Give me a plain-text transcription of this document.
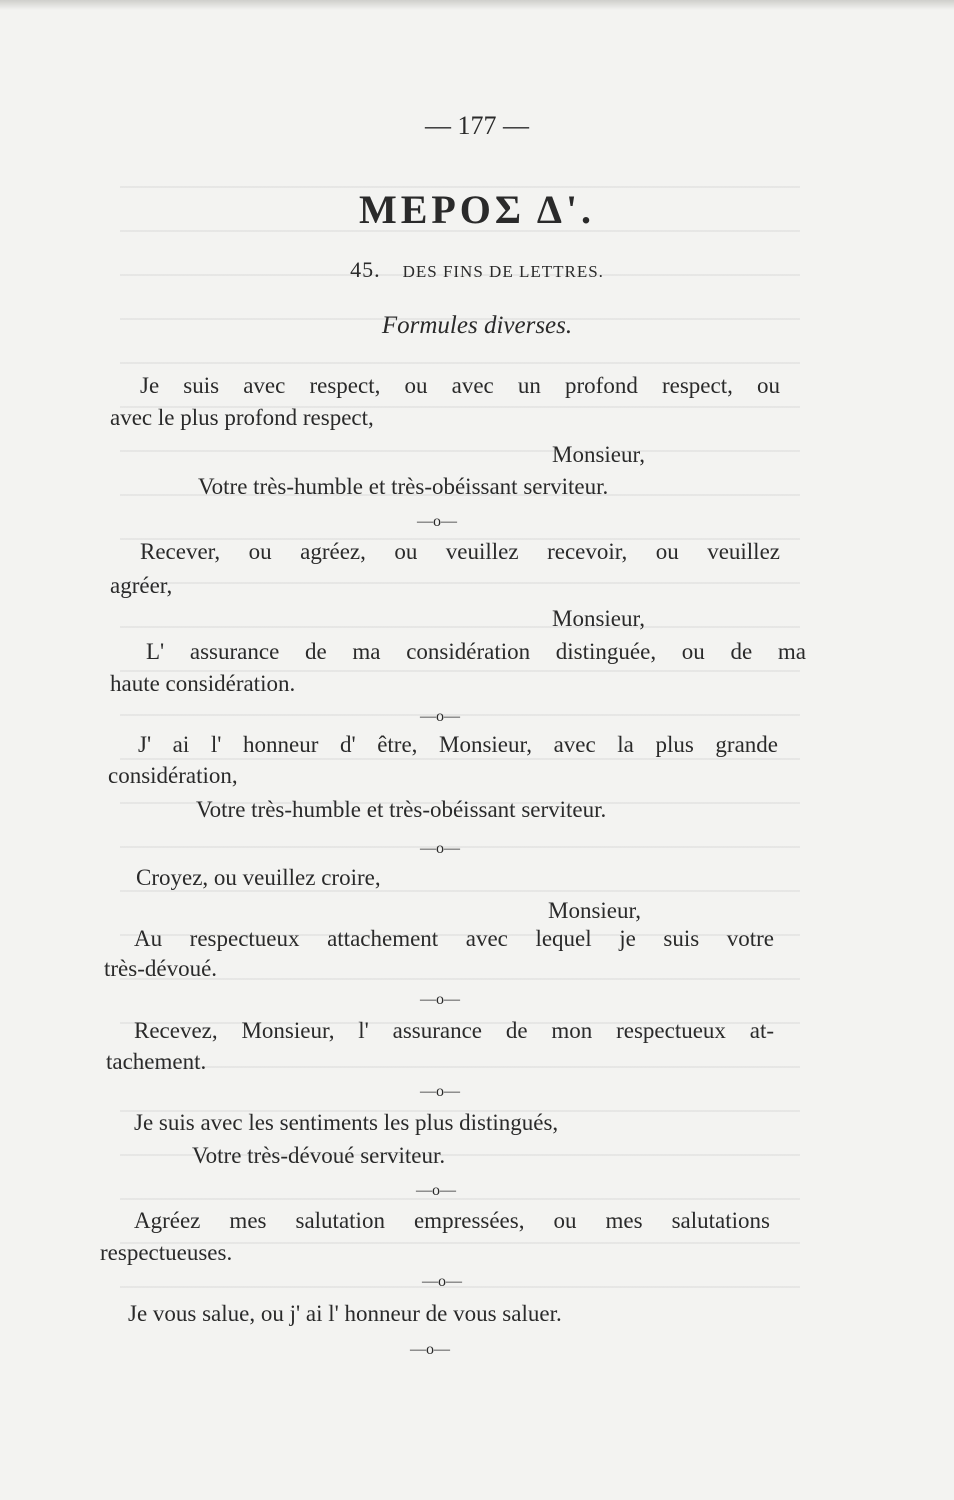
— 177 —
ΜΕΡΟΣ Δ'.
45. DES FINS DE LETTRES.
Formules diverses.
Je suis avec respect, ou avec un profond respect, ou
avec le plus profond respect,
Monsieur,
Votre très-humble et très-obéissant serviteur.
—o—
Recever, ou agréez, ou veuillez recevoir, ou veuillez
agréer,
Monsieur,
L' assurance de ma considération distinguée, ou de ma
haute considération.
—o—
J' ai l' honneur d' être, Monsieur, avec la plus grande
considération,
Votre très-humble et très-obéissant serviteur.
—o—
Croyez, ou veuillez croire,
Monsieur,
Au respectueux attachement avec lequel je suis votre
très-dévoué.
—o—
Recevez, Monsieur, l' assurance de mon respectueux at-
tachement.
—o—
Je suis avec les sentiments les plus distingués,
Votre très-dévoué serviteur.
—o—
Agréez mes salutation empressées, ou mes salutations
respectueuses.
—o—
Je vous salue, ou j' ai l' honneur de vous saluer.
—o—
